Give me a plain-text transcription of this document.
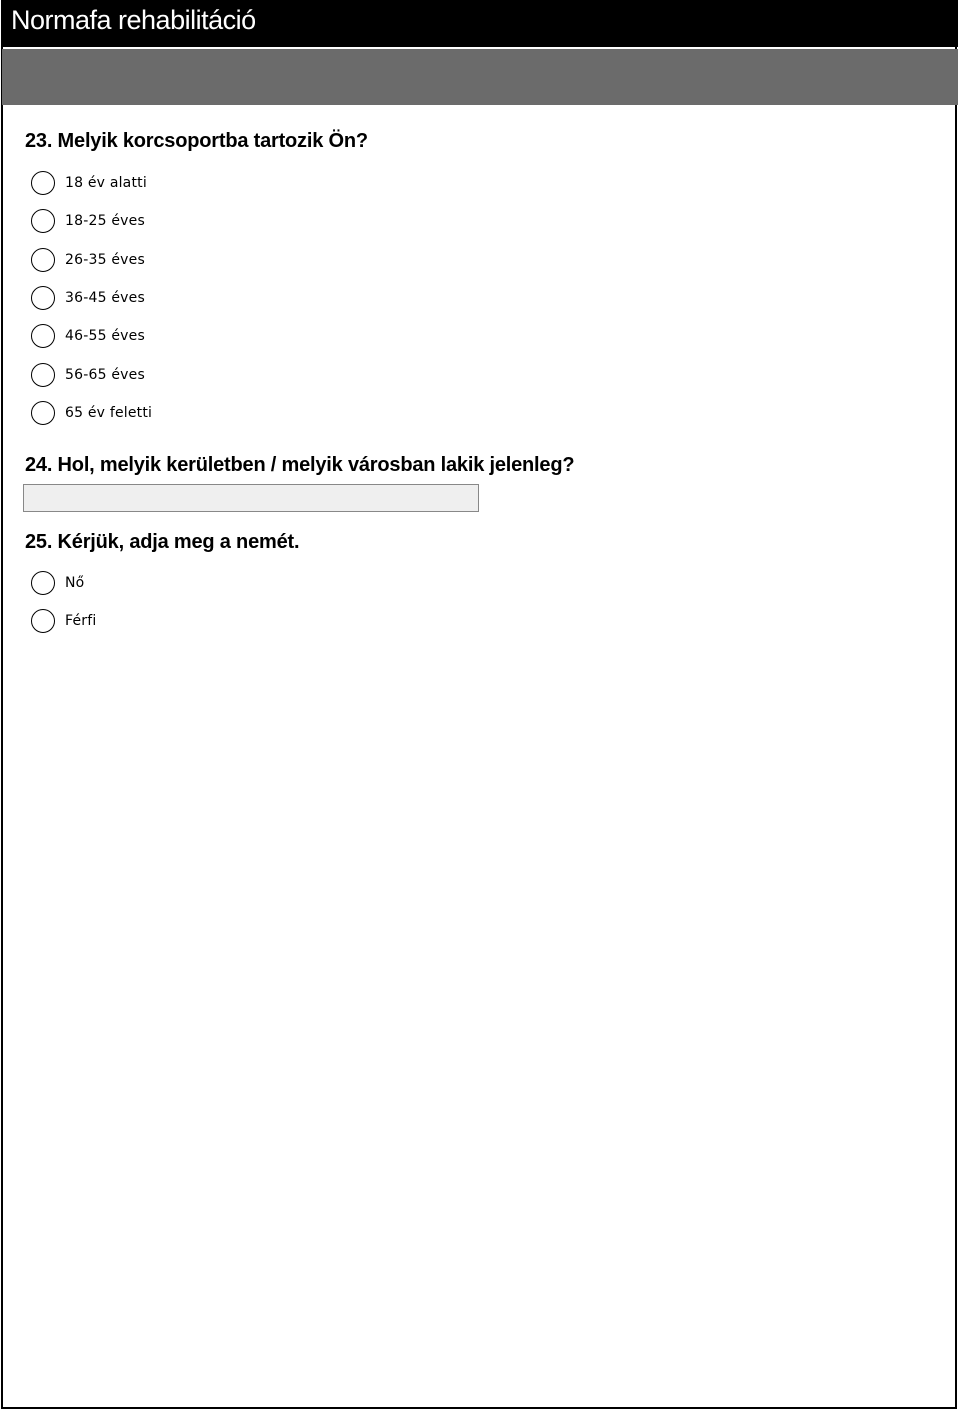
Normafa rehabilitáció
23. Melyik korcsoportba tartozik Ön?
18 év alatti
18-25 éves
26-35 éves
36-45 éves
46-55 éves
56-65 éves
65 év feletti
24. Hol, melyik kerületben / melyik városban lakik jelenleg?
25. Kérjük, adja meg a nemét.
Nő
Férfi
